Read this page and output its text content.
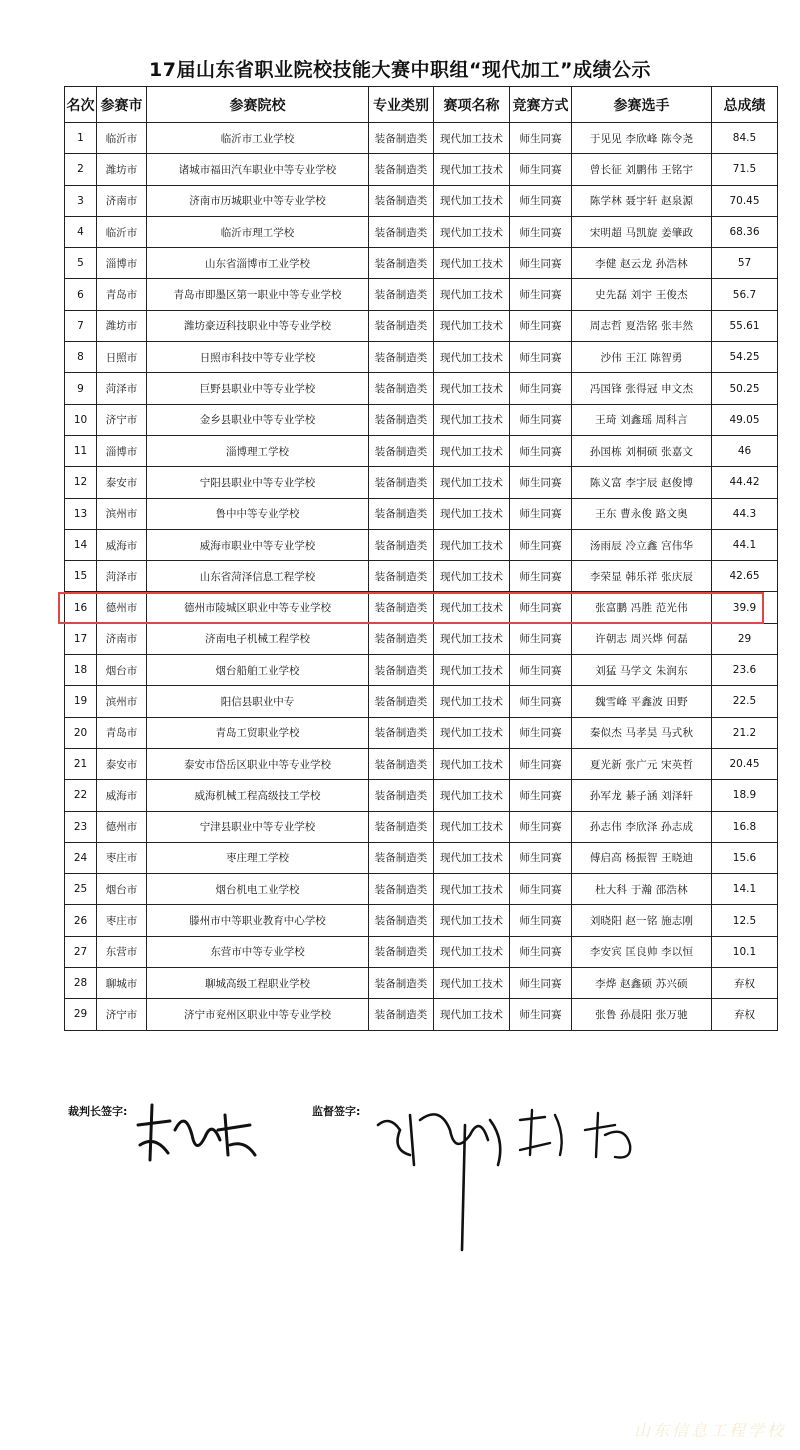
17届山东省职业院校技能大赛中职组“现代加工”成绩公示
名次	参赛市	参赛院校	专业类别	赛项名称	竞赛方式	参赛选手	总成绩
1	临沂市	临沂市工业学校	装备制造类	现代加工技术	师生同赛	于见见 李欣峰 陈令尧	84.5
2	潍坊市	诸城市福田汽车职业中等专业学校	装备制造类	现代加工技术	师生同赛	曾长征 刘鹏伟 王铭宇	71.5
3	济南市	济南市历城职业中等专业学校	装备制造类	现代加工技术	师生同赛	陈学林 聂宇轩 赵泉源	70.45
4	临沂市	临沂市理工学校	装备制造类	现代加工技术	师生同赛	宋明超 马凯旋 姜肇政	68.36
5	淄博市	山东省淄博市工业学校	装备制造类	现代加工技术	师生同赛	李健 赵云龙 孙浩林	57
6	青岛市	青岛市即墨区第一职业中等专业学校	装备制造类	现代加工技术	师生同赛	史先磊 刘宇 王俊杰	56.7
7	潍坊市	潍坊豪迈科技职业中等专业学校	装备制造类	现代加工技术	师生同赛	周志哲 夏浩铭 张丰然	55.61
8	日照市	日照市科技中等专业学校	装备制造类	现代加工技术	师生同赛	沙伟 王江 陈智勇	54.25
9	菏泽市	巨野县职业中等专业学校	装备制造类	现代加工技术	师生同赛	冯国锋 张得冠 申文杰	50.25
10	济宁市	金乡县职业中等专业学校	装备制造类	现代加工技术	师生同赛	王琦 刘鑫瑶 周科言	49.05
11	淄博市	淄博理工学校	装备制造类	现代加工技术	师生同赛	孙国栋 刘桐硕 张嘉文	46
12	泰安市	宁阳县职业中等专业学校	装备制造类	现代加工技术	师生同赛	陈义富 李宇辰 赵俊博	44.42
13	滨州市	鲁中中等专业学校	装备制造类	现代加工技术	师生同赛	王东 曹永俊 路文奥	44.3
14	威海市	威海市职业中等专业学校	装备制造类	现代加工技术	师生同赛	汤雨辰 冷立鑫 宫伟华	44.1
15	菏泽市	山东省菏泽信息工程学校	装备制造类	现代加工技术	师生同赛	李荣显 韩乐祥 张庆辰	42.65
16	德州市	德州市陵城区职业中等专业学校	装备制造类	现代加工技术	师生同赛	张富鹏 冯胜 范光伟	39.9
17	济南市	济南电子机械工程学校	装备制造类	现代加工技术	师生同赛	许朝志 周兴烨 何磊	29
18	烟台市	烟台船舶工业学校	装备制造类	现代加工技术	师生同赛	刘猛 马学文 朱润东	23.6
19	滨州市	阳信县职业中专	装备制造类	现代加工技术	师生同赛	魏雪峰 平鑫波 田野	22.5
20	青岛市	青岛工贸职业学校	装备制造类	现代加工技术	师生同赛	秦似杰 马孝昊 马式秋	21.2
21	泰安市	泰安市岱岳区职业中等专业学校	装备制造类	现代加工技术	师生同赛	夏光新 张广元 宋英哲	20.45
22	威海市	威海机械工程高级技工学校	装备制造类	现代加工技术	师生同赛	孙军龙 綦子涵 刘泽轩	18.9
23	德州市	宁津县职业中等专业学校	装备制造类	现代加工技术	师生同赛	孙志伟 李欣泽 孙志成	16.8
24	枣庄市	枣庄理工学校	装备制造类	现代加工技术	师生同赛	傅启高 杨振智 王晓迪	15.6
25	烟台市	烟台机电工业学校	装备制造类	现代加工技术	师生同赛	杜大科 于瀚 邵浩林	14.1
26	枣庄市	滕州市中等职业教育中心学校	装备制造类	现代加工技术	师生同赛	刘晓阳 赵一铭 施志刚	12.5
27	东营市	东营市中等专业学校	装备制造类	现代加工技术	师生同赛	李安宾 匡良帅 李以恒	10.1
28	聊城市	聊城高级工程职业学校	装备制造类	现代加工技术	师生同赛	李烨 赵鑫硕 苏兴硕	弃权
29	济宁市	济宁市兖州区职业中等专业学校	装备制造类	现代加工技术	师生同赛	张鲁 孙晨阳 张万驰	弃权
裁判长签字:	监督签字:
山东信息工程学校
